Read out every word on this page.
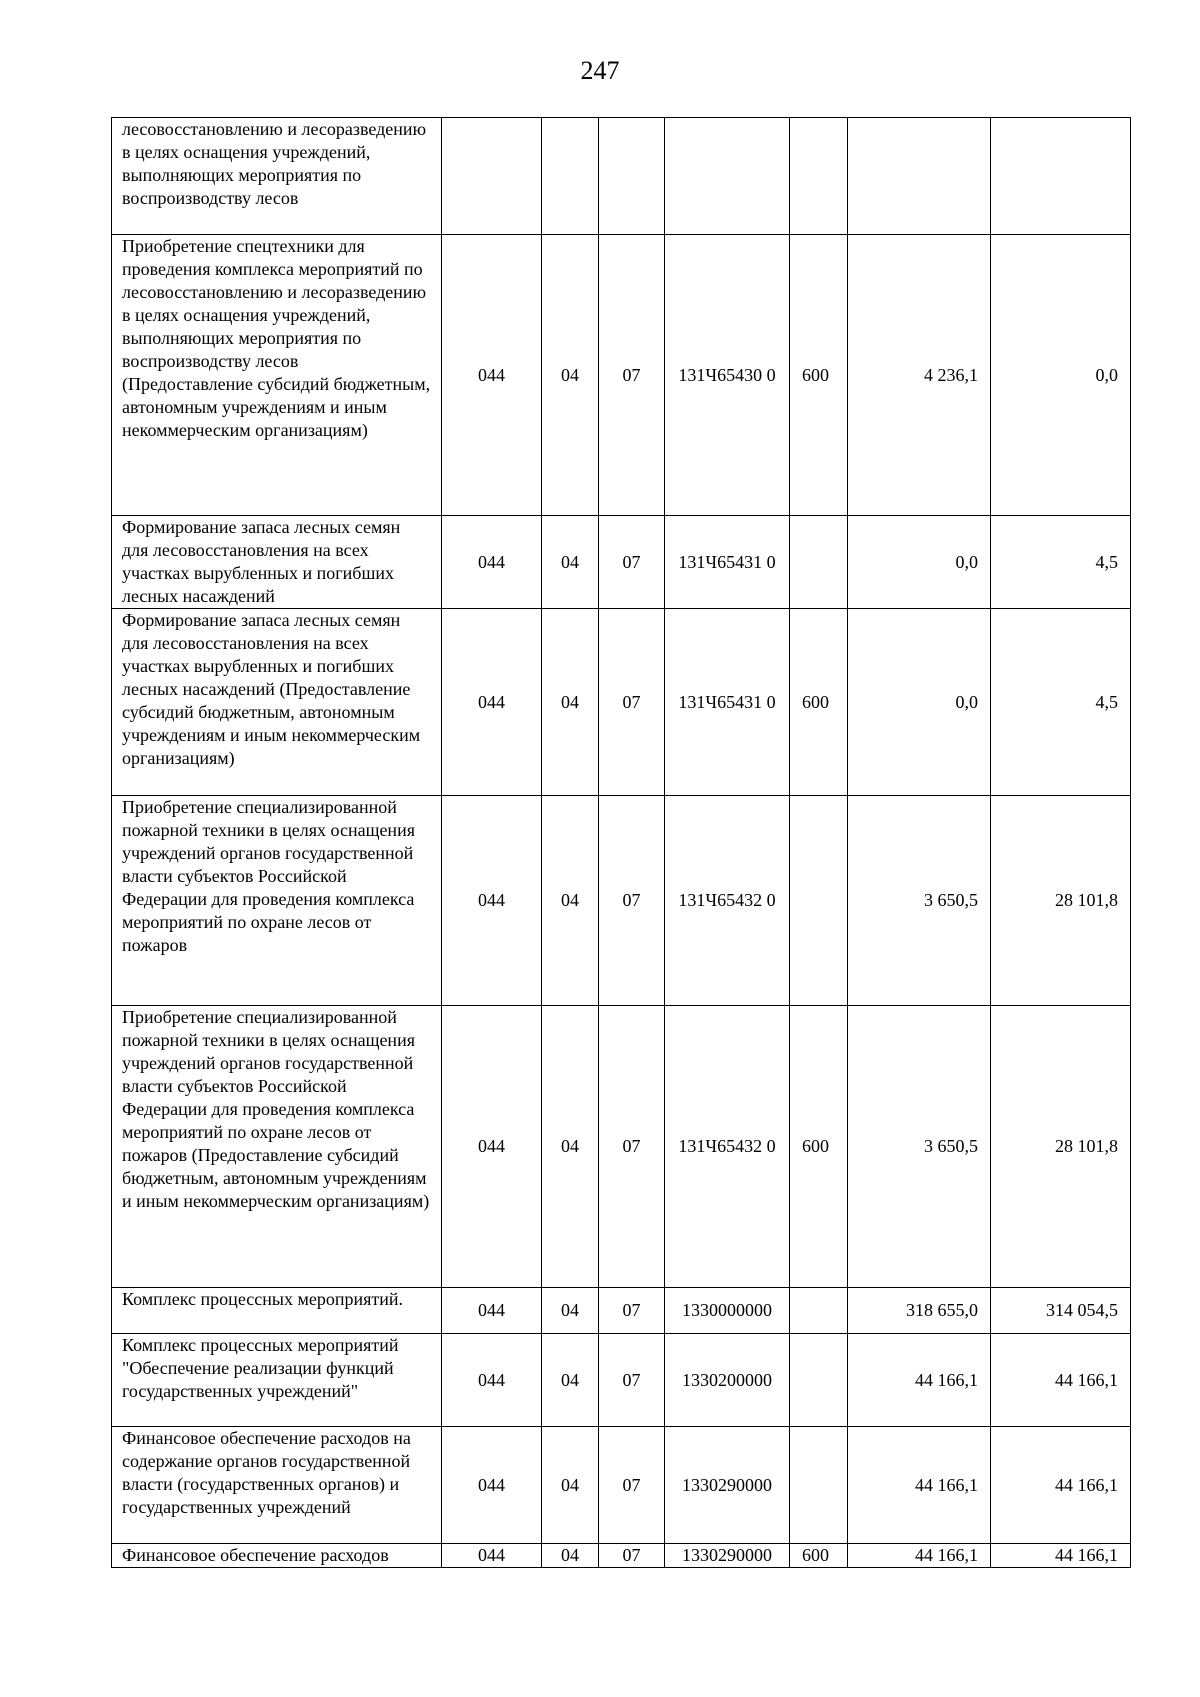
247
лесовосстановлению и лесоразведению в целях оснащения учреждений, выполняющих мероприятия по воспроизводству лесов							
Приобретение спецтехники для проведения комплекса мероприятий по лесовосстановлению и лесоразведению в целях оснащения учреждений, выполняющих мероприятия по воспроизводству лесов (Предоставление субсидий бюджетным, автономным учреждениям и иным некоммерческим организациям)	044	04	07	131Ч65430 0	600	4 236,1	0,0
Формирование запаса лесных семян для лесовосстановления на всех участках вырубленных и погибших лесных насаждений	044	04	07	131Ч65431 0		0,0	4,5
Формирование запаса лесных семян для лесовосстановления на всех участках вырубленных и погибших лесных насаждений (Предоставление субсидий бюджетным, автономным учреждениям и иным некоммерческим организациям)	044	04	07	131Ч65431 0	600	0,0	4,5
Приобретение специализированной пожарной техники в целях оснащения учреждений органов государственной власти субъектов Российской Федерации для проведения комплекса мероприятий по охране лесов от пожаров	044	04	07	131Ч65432 0		3 650,5	28 101,8
Приобретение специализированной пожарной техники в целях оснащения учреждений органов государственной власти субъектов Российской Федерации для проведения комплекса мероприятий по охране лесов от пожаров (Предоставление субсидий бюджетным, автономным учреждениям и иным некоммерческим организациям)	044	04	07	131Ч65432 0	600	3 650,5	28 101,8
Комплекс процессных мероприятий.	044	04	07	1330000000		318 655,0	314 054,5
Комплекс процессных мероприятий "Обеспечение реализации функций государственных учреждений"	044	04	07	1330200000		44 166,1	44 166,1
Финансовое обеспечение расходов на содержание органов государственной власти (государственных органов) и государственных учреждений	044	04	07	1330290000		44 166,1	44 166,1
Финансовое обеспечение расходов	044	04	07	1330290000	600	44 166,1	44 166,1
